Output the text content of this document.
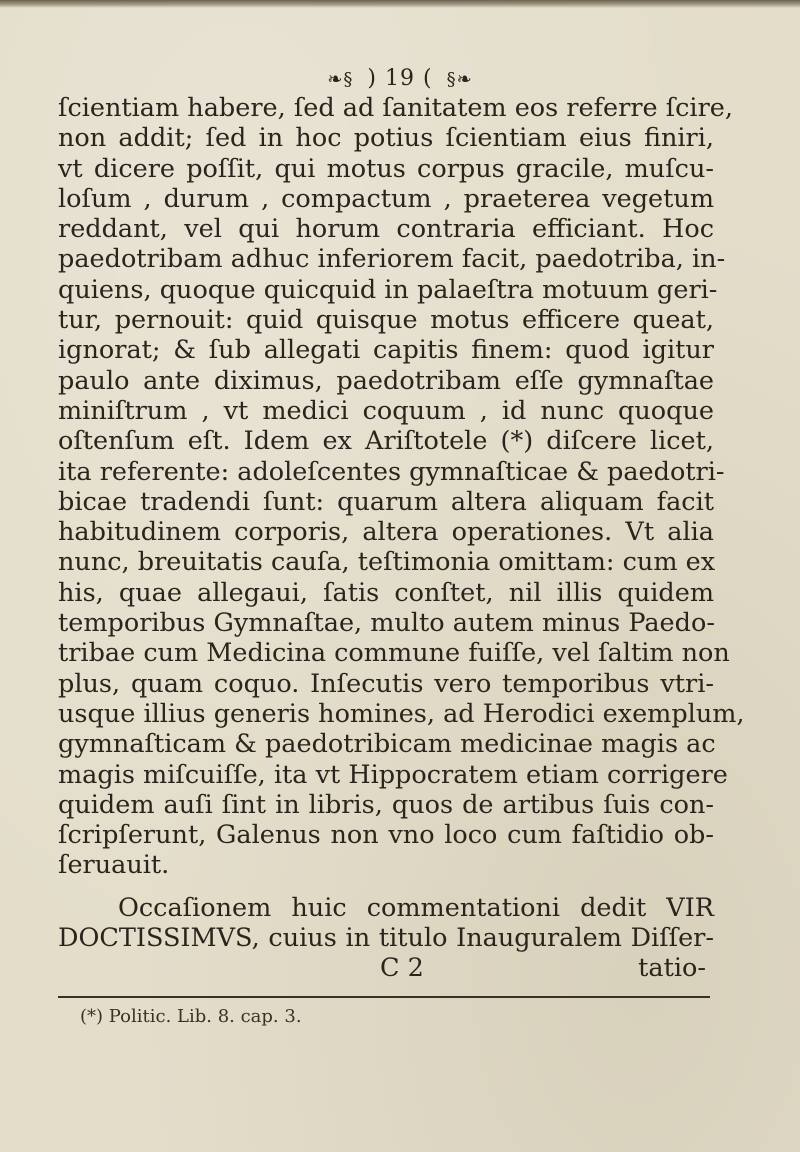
❧§ ) 19 ( §❧
ſcientiam habere, ſed ad ſanitatem eos referre ſcire,
non addit; ſed in hoc potius ſcientiam eius finiri,
vt dicere poſſit, qui motus corpus gracile, muſcu-
loſum , durum , compactum , praeterea vegetum
reddant, vel qui horum contraria efficiant. Hoc
paedotribam adhuc inferiorem facit, paedotriba, in-
quiens, quoque quicquid in palaeſtra motuum geri-
tur, pernouit: quid quisque motus efficere queat,
ignorat; & ſub allegati capitis finem: quod igitur
paulo ante diximus, paedotribam eſſe gymnaſtae
miniſtrum , vt medici coquum , id nunc quoque
oſtenſum eſt. Idem ex Ariſtotele (*) diſcere licet,
ita referente: adoleſcentes gymnaſticae & paedotri-
bicae tradendi ſunt: quarum altera aliquam facit
habitudinem corporis, altera operationes. Vt alia
nunc, breuitatis cauſa, teſtimonia omittam: cum ex
his, quae allegaui, ſatis conſtet, nil illis quidem
temporibus Gymnaſtae, multo autem minus Paedo-
tribae cum Medicina commune fuiſſe, vel ſaltim non
plus, quam coquo. Inſecutis vero temporibus vtri-
usque illius generis homines, ad Herodici exemplum,
gymnaſticam & paedotribicam medicinae magis ac
magis miſcuiſſe, ita vt Hippocratem etiam corrigere
quidem auſi ſint in libris, quos de artibus ſuis con-
ſcripſerunt, Galenus non vno loco cum faſtidio ob-
ſeruauit.
Occaſionem huic commentationi dedit VIR
DOCTISSIMVS, cuius in titulo Inauguralem Diſſer-
C 2	tatio-
(*) Politic. Lib. 8. cap. 3.
